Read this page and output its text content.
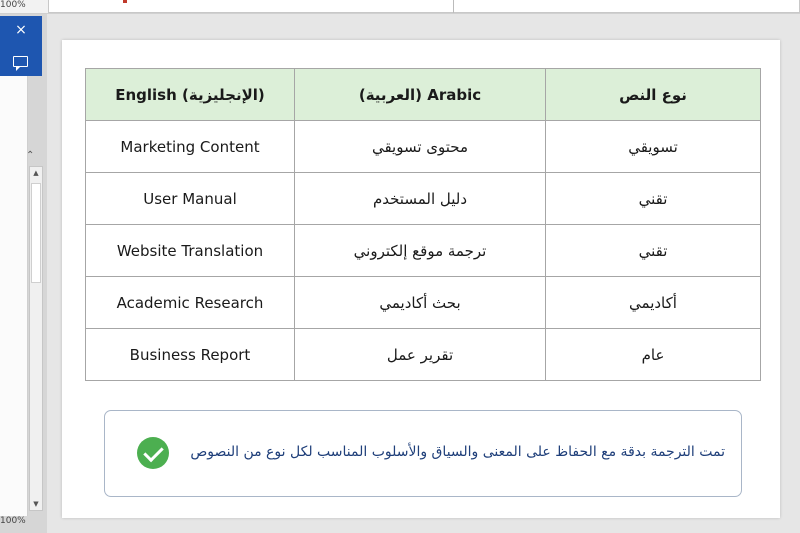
100%
×
⌃
▲
▼
100%
English (الإنجليزية)	Arabic (العربية)	نوع النص
Marketing Content	محتوى تسويقي	تسويقي
User Manual	دليل المستخدم	تقني
Website Translation	ترجمة موقع إلكتروني	تقني
Academic Research	بحث أكاديمي	أكاديمي
Business Report	تقرير عمل	عام
تمت الترجمة بدقة مع الحفاظ على المعنى والسياق والأسلوب المناسب لكل نوع من النصوص
